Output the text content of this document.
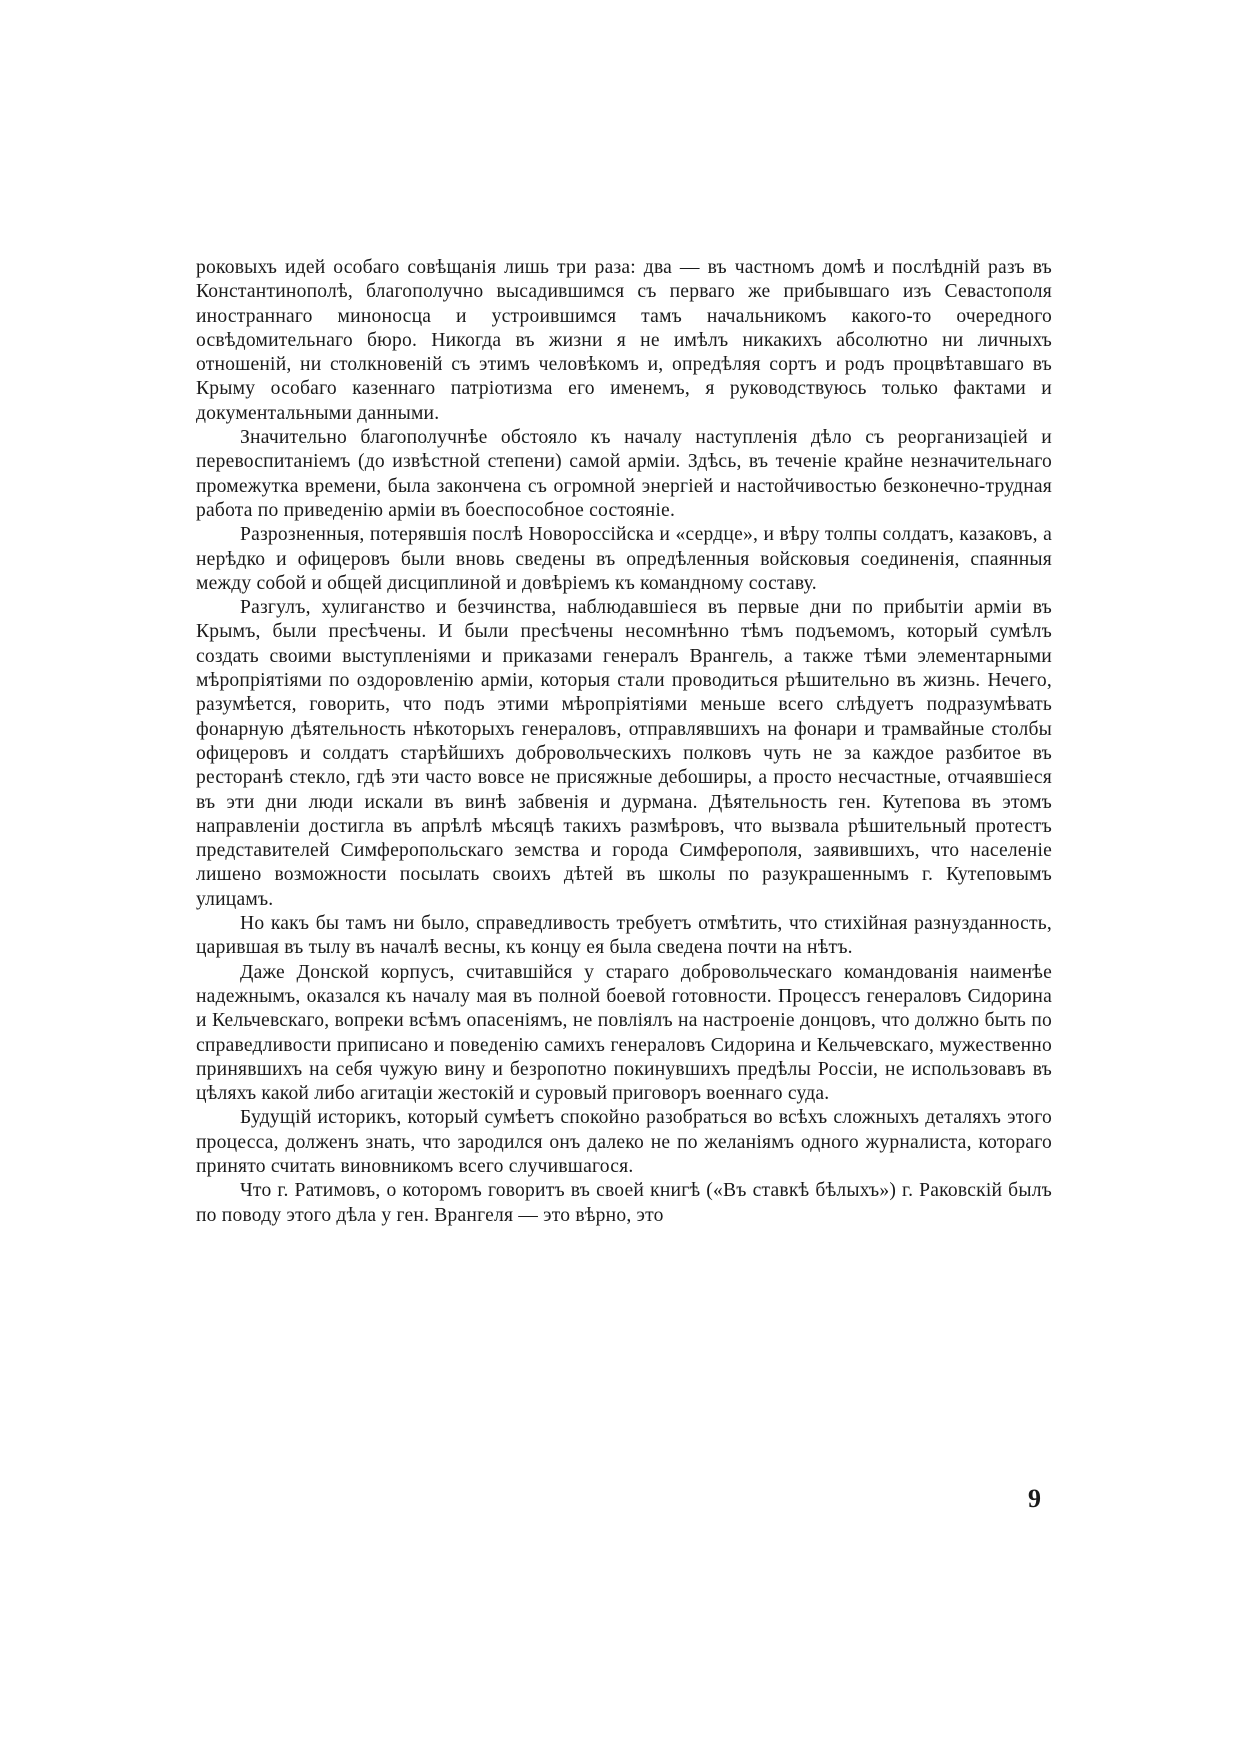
роковыхъ идей особаго совѣщанія лишь три раза: два — въ частномъ домѣ и послѣдній разъ въ Константинополѣ, благополучно высадившимся съ перваго же прибывшаго изъ Севастополя иностраннаго миноносца и устроившимся тамъ начальникомъ какого-то очередного освѣдомительнаго бюро. Никогда въ жизни я не имѣлъ никакихъ абсолютно ни личныхъ отношеній, ни столкновеній съ этимъ человѣкомъ и, опредѣляя сортъ и родъ процвѣтавшаго въ Крыму особаго казеннаго патріотизма его именемъ, я руководствуюсь только фактами и документальными данными.

Значительно благополучнѣе обстояло къ началу наступленія дѣло съ реорганизаціей и перевоспитаніемъ (до извѣстной степени) самой арміи. Здѣсь, въ теченіе крайне незначительнаго промежутка времени, была закончена съ огромной энергіей и настойчивостью безконечно-трудная работа по приведенію арміи въ боеспособное состояніе.

Разрозненныя, потерявшія послѣ Новороссійска и «сердце», и вѣру толпы солдатъ, казаковъ, а нерѣдко и офицеровъ были вновь сведены въ опредѣленныя войсковыя соединенія, спаянныя между собой и общей дисциплиной и довѣріемъ къ командному составу.

Разгулъ, хулиганство и безчинства, наблюдавшіеся въ первые дни по прибытіи арміи въ Крымъ, были пресѣчены. И были пресѣчены несомнѣнно тѣмъ подъемомъ, который сумѣлъ создать своими выступленіями и приказами генералъ Врангель, а также тѣми элементарными мѣропріятіями по оздоровленію арміи, которыя стали проводиться рѣшительно въ жизнь. Нечего, разумѣется, говорить, что подъ этими мѣропріятіями меньше всего слѣдуетъ подразумѣвать фонарную дѣятельность нѣкоторыхъ генераловъ, отправлявшихъ на фонари и трамвайные столбы офицеровъ и солдатъ старѣйшихъ добровольческихъ полковъ чуть не за каждое разбитое въ ресторанѣ стекло, гдѣ эти часто вовсе не присяжные дебоширы, а просто несчастные, отчаявшіеся въ эти дни люди искали въ винѣ забвенія и дурмана. Дѣятельность ген. Кутепова въ этомъ направленіи достигла въ апрѣлѣ мѣсяцѣ такихъ размѣровъ, что вызвала рѣшительный протестъ представителей Симферопольскаго земства и города Симферополя, заявившихъ, что населеніе лишено возможности посылать своихъ дѣтей въ школы по разукрашеннымъ г. Кутеповымъ улицамъ.

Но какъ бы тамъ ни было, справедливость требуетъ отмѣтить, что стихійная разнузданность, царившая въ тылу въ началѣ весны, къ концу ея была сведена почти на нѣтъ.

Даже Донской корпусъ, считавшійся у стараго добровольческаго командованія наименѣе надежнымъ, оказался къ началу мая въ полной боевой готовности. Процессъ генераловъ Сидорина и Кельчевскаго, вопреки всѣмъ опасеніямъ, не повліялъ на настроеніе донцовъ, что должно быть по справедливости приписано и поведенію самихъ генераловъ Сидорина и Кельчевскаго, мужественно принявшихъ на себя чужую вину и безропотно покинувшихъ предѣлы Россіи, не использовавъ въ цѣляхъ какой либо агитаціи жестокій и суровый приговоръ военнаго суда.

Будущій историкъ, который сумѣетъ спокойно разобраться во всѣхъ сложныхъ деталяхъ этого процесса, долженъ знать, что зародился онъ далеко не по желаніямъ одного журналиста, котораго принято считать виновникомъ всего случившагося.

Что г. Ратимовъ, о которомъ говоритъ въ своей книгѣ («Въ ставкѣ бѣлыхъ») г. Раковскій былъ по поводу этого дѣла у ген. Врангеля — это вѣрно, это

9
